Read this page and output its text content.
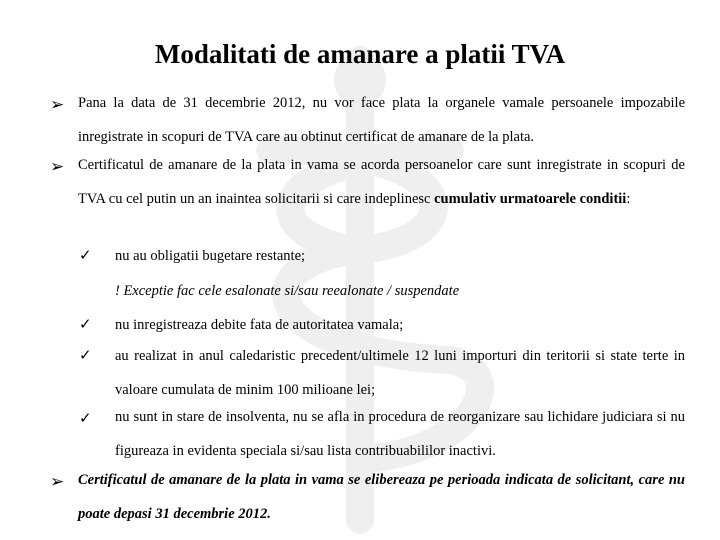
Modalitati de amanare a platii TVA
➢ Pana la data de 31 decembrie 2012, nu vor face plata la organele vamale persoanele impozabile inregistrate in scopuri de TVA care au obtinut certificat de amanare de la plata.
➢ Certificatul de amanare de la plata in vama se acorda persoanelor care sunt inregistrate in scopuri de TVA cu cel putin un an inaintea solicitarii si care indeplinesc cumulativ urmatoarele conditii:
✓ nu au obligatii bugetare restante;
! Exceptie fac cele esalonate si/sau reealonate / suspendate
✓ nu inregistreaza debite fata de autoritatea vamala;
✓ au realizat in anul caledaristic precedent/ultimele 12 luni importuri din teritorii si state terte in valoare cumulata de minim 100 milioane lei;
✓ nu sunt in stare de insolventa, nu se afla in procedura de reorganizare sau lichidare judiciara si nu figureaza in evidenta speciala si/sau lista contribuabililor inactivi.
➢ Certificatul de amanare de la plata in vama se elibereaza pe perioada indicata de solicitant, care nu poate depasi 31 decembrie 2012.
